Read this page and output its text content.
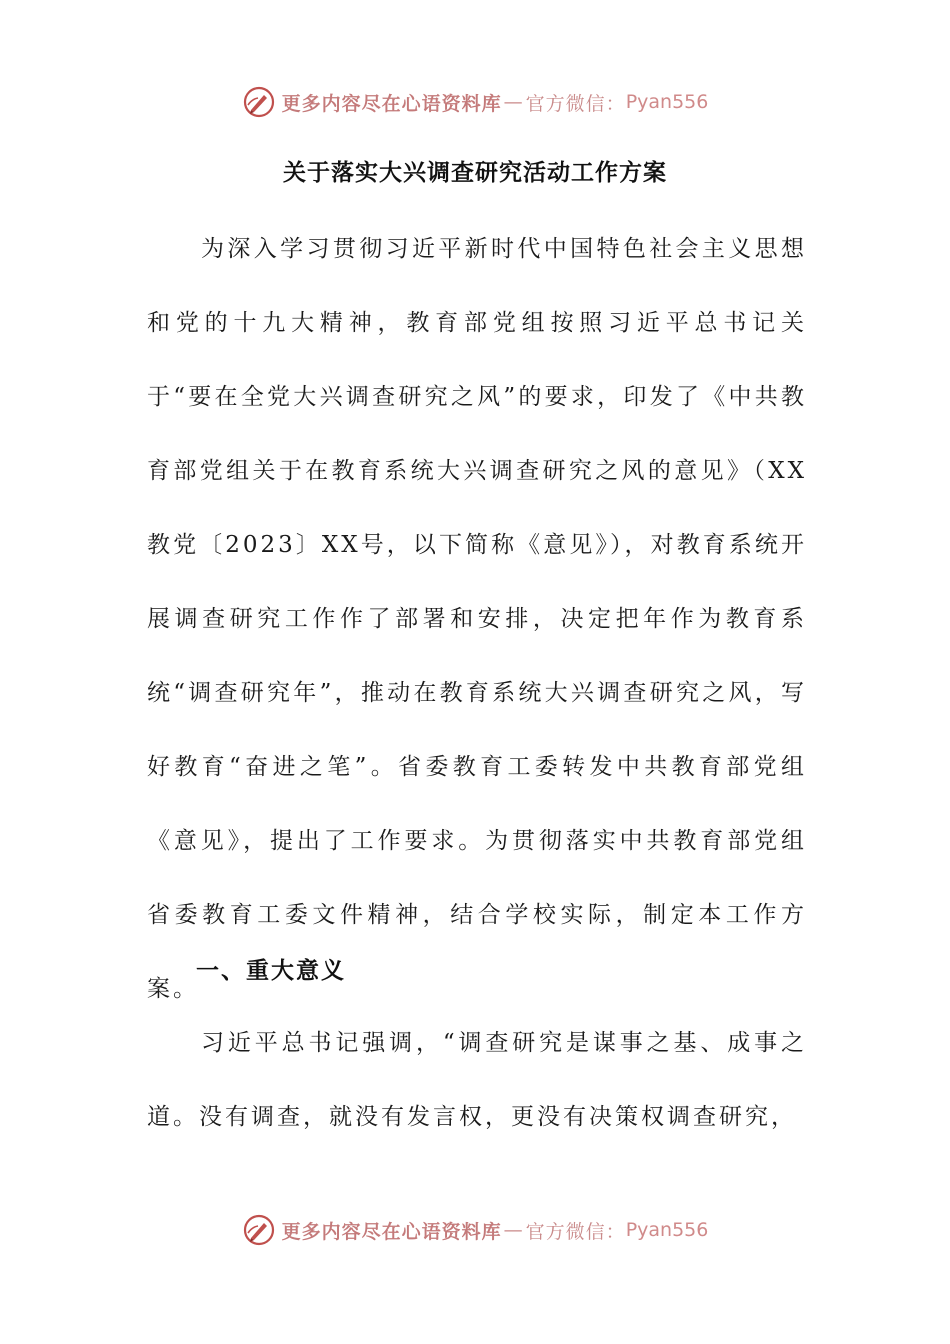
更多内容尽在心语资料库 — 官方微信： Pyan556
关于落实大兴调查研究活动工作方案

为深入学习贯彻习近平新时代中国特色社会主义思想和党的十九大精神，教育部党组按照习近平总书记关于“要在全党大兴调查研究之风”的要求，印发了《中共教育部党组关于在教育系统大兴调查研究之风的意见》（XX教党〔2023〕XX号，以下简称《意见》），对教育系统开展调查研究工作作了部署和安排，决定把年作为教育系统“调查研究年”，推动在教育系统大兴调查研究之风，写好教育“奋进之笔”。省委教育工委转发中共教育部党组《意见》，提出了工作要求。为贯彻落实中共教育部党组省委教育工委文件精神，结合学校实际，制定本工作方案。

一、重大意义

习近平总书记强调，“调查研究是谋事之基、成事之道。没有调查，就没有发言权，更没有决策权调查研究，

更多内容尽在心语资料库 — 官方微信： Pyan556
